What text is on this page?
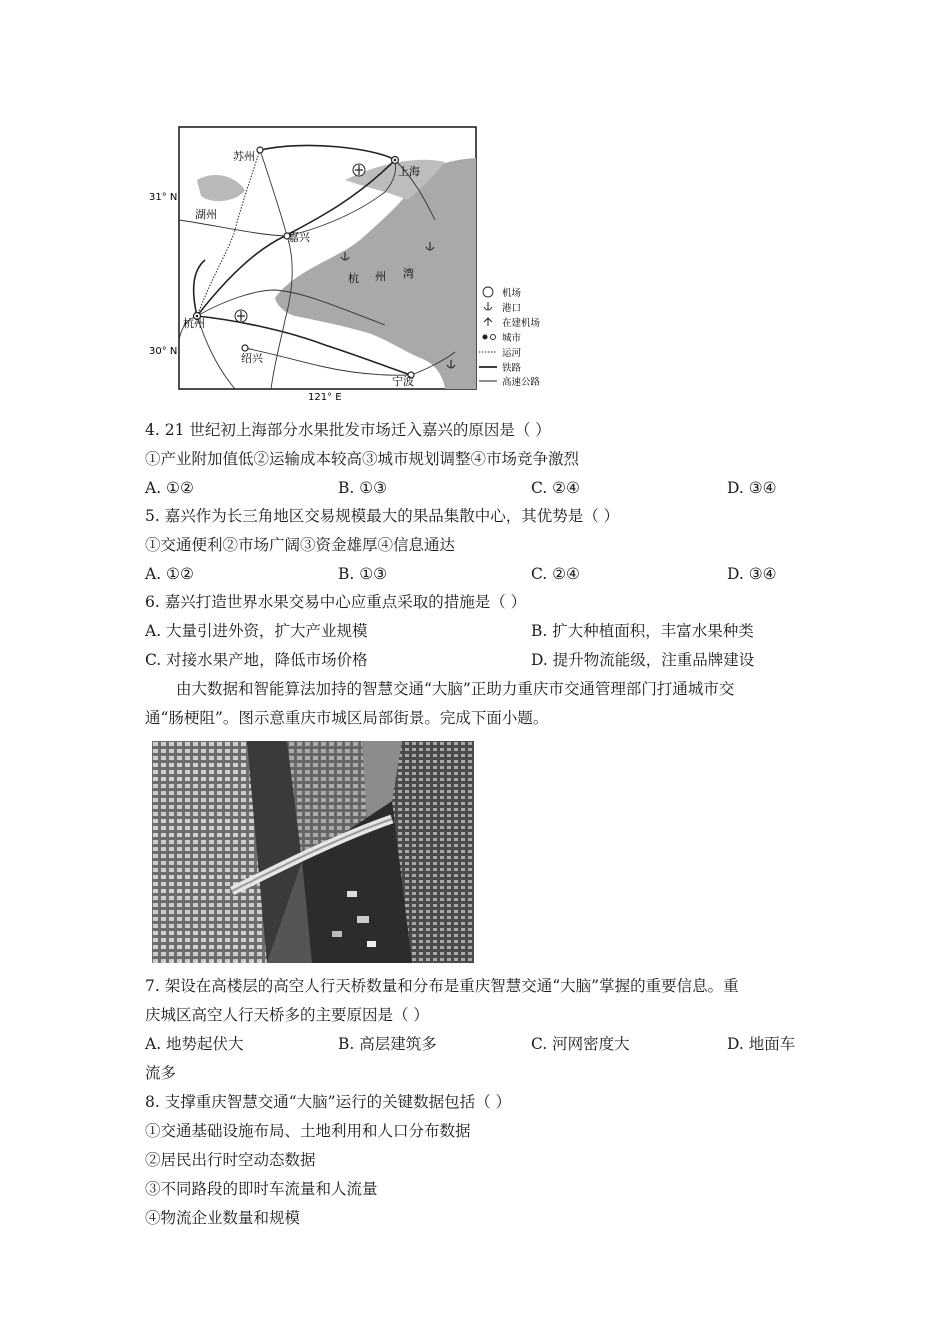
苏州
上海
湖州
嘉兴
杭州
绍兴
宁波
杭 州 湾
31° N
30° N
121° E
机场
港口
在建机场
城市
运河
铁路
高速公路
4. 21 世纪初上海部分水果批发市场迁入嘉兴的原因是（ ）
①产业附加值低②运输成本较高③城市规划调整④市场竞争激烈
A. ①②	B. ①③	C. ②④	D. ③④
5. 嘉兴作为长三角地区交易规模最大的果品集散中心，其优势是（ ）
①交通便利②市场广阔③资金雄厚④信息通达
A. ①②	B. ①③	C. ②④	D. ③④
6. 嘉兴打造世界水果交易中心应重点采取的措施是（ ）
A. 大量引进外资，扩大产业规模	B. 扩大种植面积，丰富水果种类
C. 对接水果产地，降低市场价格	D. 提升物流能级，注重品牌建设
由大数据和智能算法加持的智慧交通“大脑”正助力重庆市交通管理部门打通城市交
通“肠梗阻”。图示意重庆市城区局部街景。完成下面小题。
7. 架设在高楼层的高空人行天桥数量和分布是重庆智慧交通“大脑”掌握的重要信息。重
庆城区高空人行天桥多的主要原因是（ ）
A. 地势起伏大	B. 高层建筑多	C. 河网密度大	D. 地面车
流多
8. 支撑重庆智慧交通“大脑”运行的关键数据包括（ ）
①交通基础设施布局、土地利用和人口分布数据
②居民出行时空动态数据
③不同路段的即时车流量和人流量
④物流企业数量和规模
